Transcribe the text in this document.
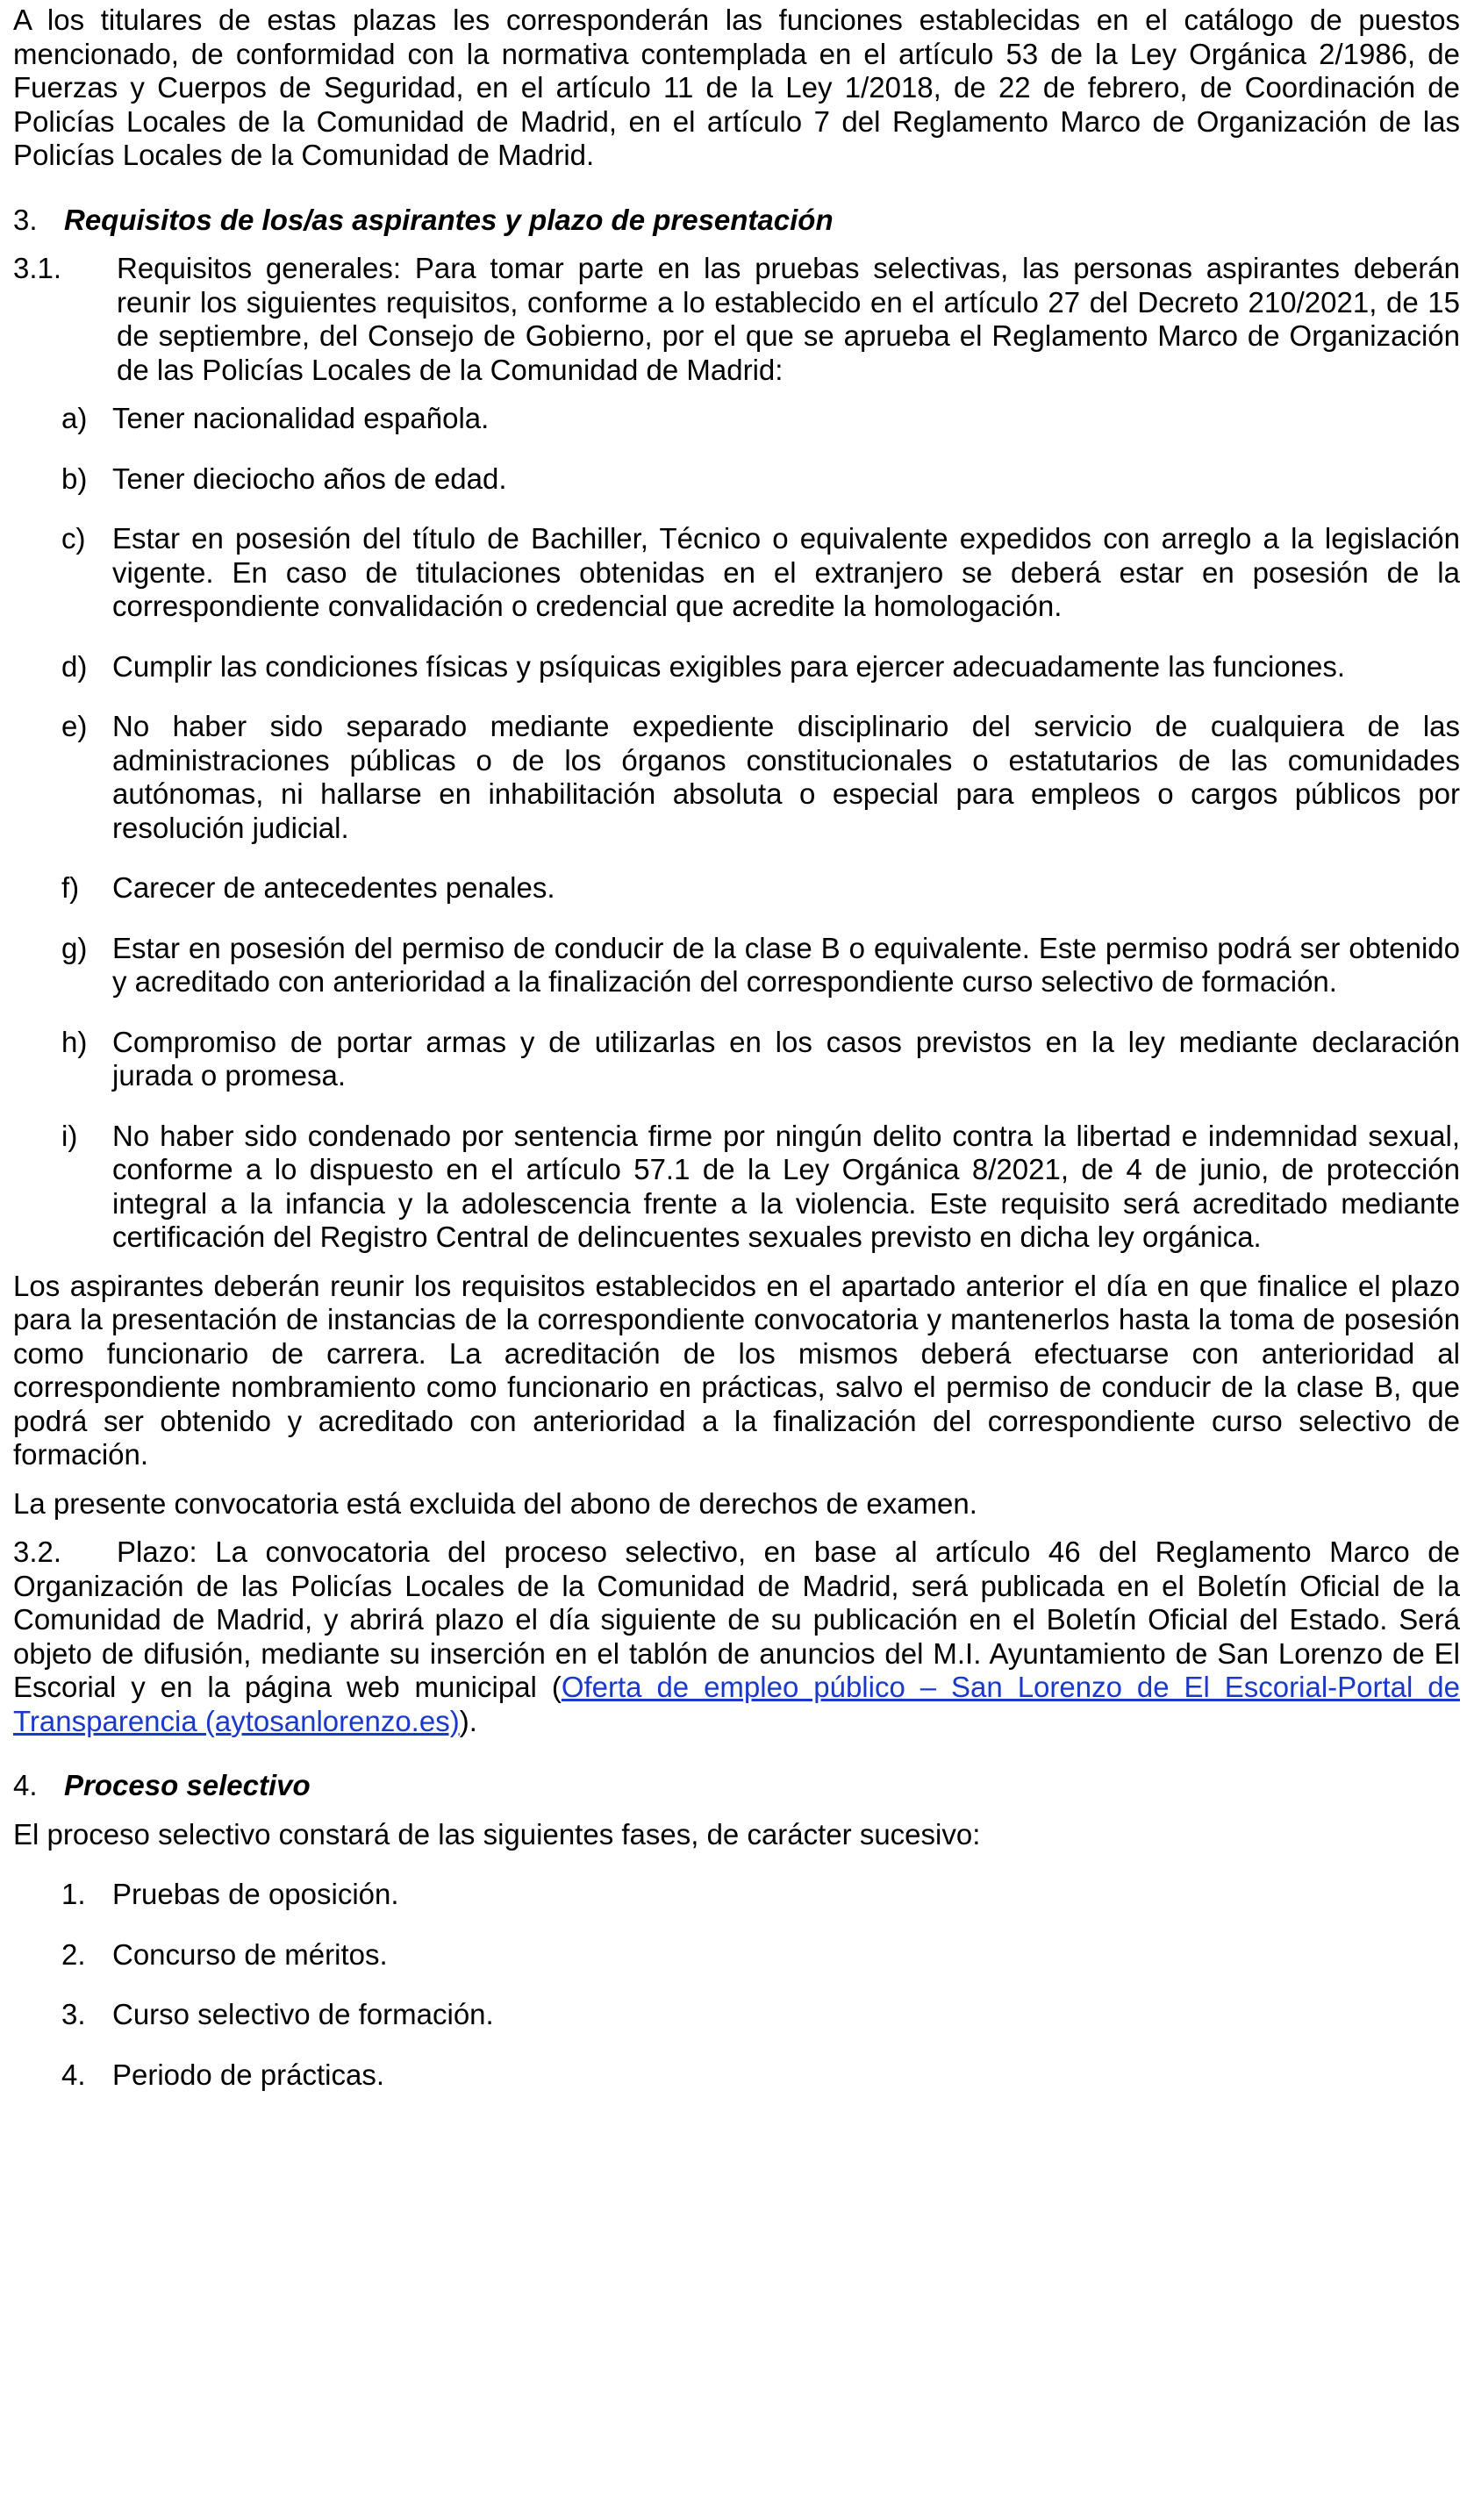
A los titulares de estas plazas les corresponderán las funciones establecidas en el catálogo de puestos mencionado, de conformidad con la normativa contemplada en el artículo 53 de la Ley Orgánica 2/1986, de Fuerzas y Cuerpos de Seguridad, en el artículo 11 de la Ley 1/2018, de 22 de febrero, de Coordinación de Policías Locales de la Comunidad de Madrid, en el artículo 7 del Reglamento Marco de Organización de las Policías Locales de la Comunidad de Madrid.

3. Requisitos de los/as aspirantes y plazo de presentación
3.1.	Requisitos generales: Para tomar parte en las pruebas selectivas, las personas aspirantes deberán reunir los siguientes requisitos, conforme a lo establecido en el artículo 27 del Decreto 210/2021, de 15 de septiembre, del Consejo de Gobierno, por el que se aprueba el Reglamento Marco de Organización de las Policías Locales de la Comunidad de Madrid:
a) Tener nacionalidad española.
b) Tener dieciocho años de edad.
c) Estar en posesión del título de Bachiller, Técnico o equivalente expedidos con arreglo a la legislación vigente. En caso de titulaciones obtenidas en el extranjero se deberá estar en posesión de la correspondiente convalidación o credencial que acredite la homologación.
d) Cumplir las condiciones físicas y psíquicas exigibles para ejercer adecuadamente las funciones.
e) No haber sido separado mediante expediente disciplinario del servicio de cualquiera de las administraciones públicas o de los órganos constitucionales o estatutarios de las comunidades autónomas, ni hallarse en inhabilitación absoluta o especial para empleos o cargos públicos por resolución judicial.
f)	Carecer de antecedentes penales.
g) Estar en posesión del permiso de conducir de la clase B o equivalente. Este permiso podrá ser obtenido y acreditado con anterioridad a la finalización del correspondiente curso selectivo de formación.
h) Compromiso de portar armas y de utilizarlas en los casos previstos en la ley mediante declaración jurada o promesa.
i)	No haber sido condenado por sentencia firme por ningún delito contra la libertad e indemnidad sexual, conforme a lo dispuesto en el artículo 57.1 de la Ley Orgánica 8/2021, de 4 de junio, de protección integral a la infancia y la adolescencia frente a la violencia. Este requisito será acreditado mediante certificación del Registro Central de delincuentes sexuales previsto en dicha ley orgánica.

Los aspirantes deberán reunir los requisitos establecidos en el apartado anterior el día en que finalice el plazo para la presentación de instancias de la correspondiente convocatoria y mantenerlos hasta la toma de posesión como funcionario de carrera. La acreditación de los mismos deberá efectuarse con anterioridad al correspondiente nombramiento como funcionario en prácticas, salvo el permiso de conducir de la clase B, que podrá ser obtenido y acreditado con anterioridad a la finalización del correspondiente curso selectivo de formación.

La presente convocatoria está excluida del abono de derechos de examen.

3.2. Plazo: La convocatoria del proceso selectivo, en base al artículo 46 del Reglamento Marco de Organización de las Policías Locales de la Comunidad de Madrid, será publicada en el Boletín Oficial de la Comunidad de Madrid, y abrirá plazo el día siguiente de su publicación en el Boletín Oficial del Estado. Será objeto de difusión, mediante su inserción en el tablón de anuncios del M.I. Ayuntamiento de San Lorenzo de El Escorial y en la página web municipal (Oferta de empleo público – San Lorenzo de El Escorial-Portal de Transparencia (aytosanlorenzo.es)).

4. Proceso selectivo

El proceso selectivo constará de las siguientes fases, de carácter sucesivo:

1. Pruebas de oposición.
2. Concurso de méritos.
3. Curso selectivo de formación.
4. Periodo de prácticas.
